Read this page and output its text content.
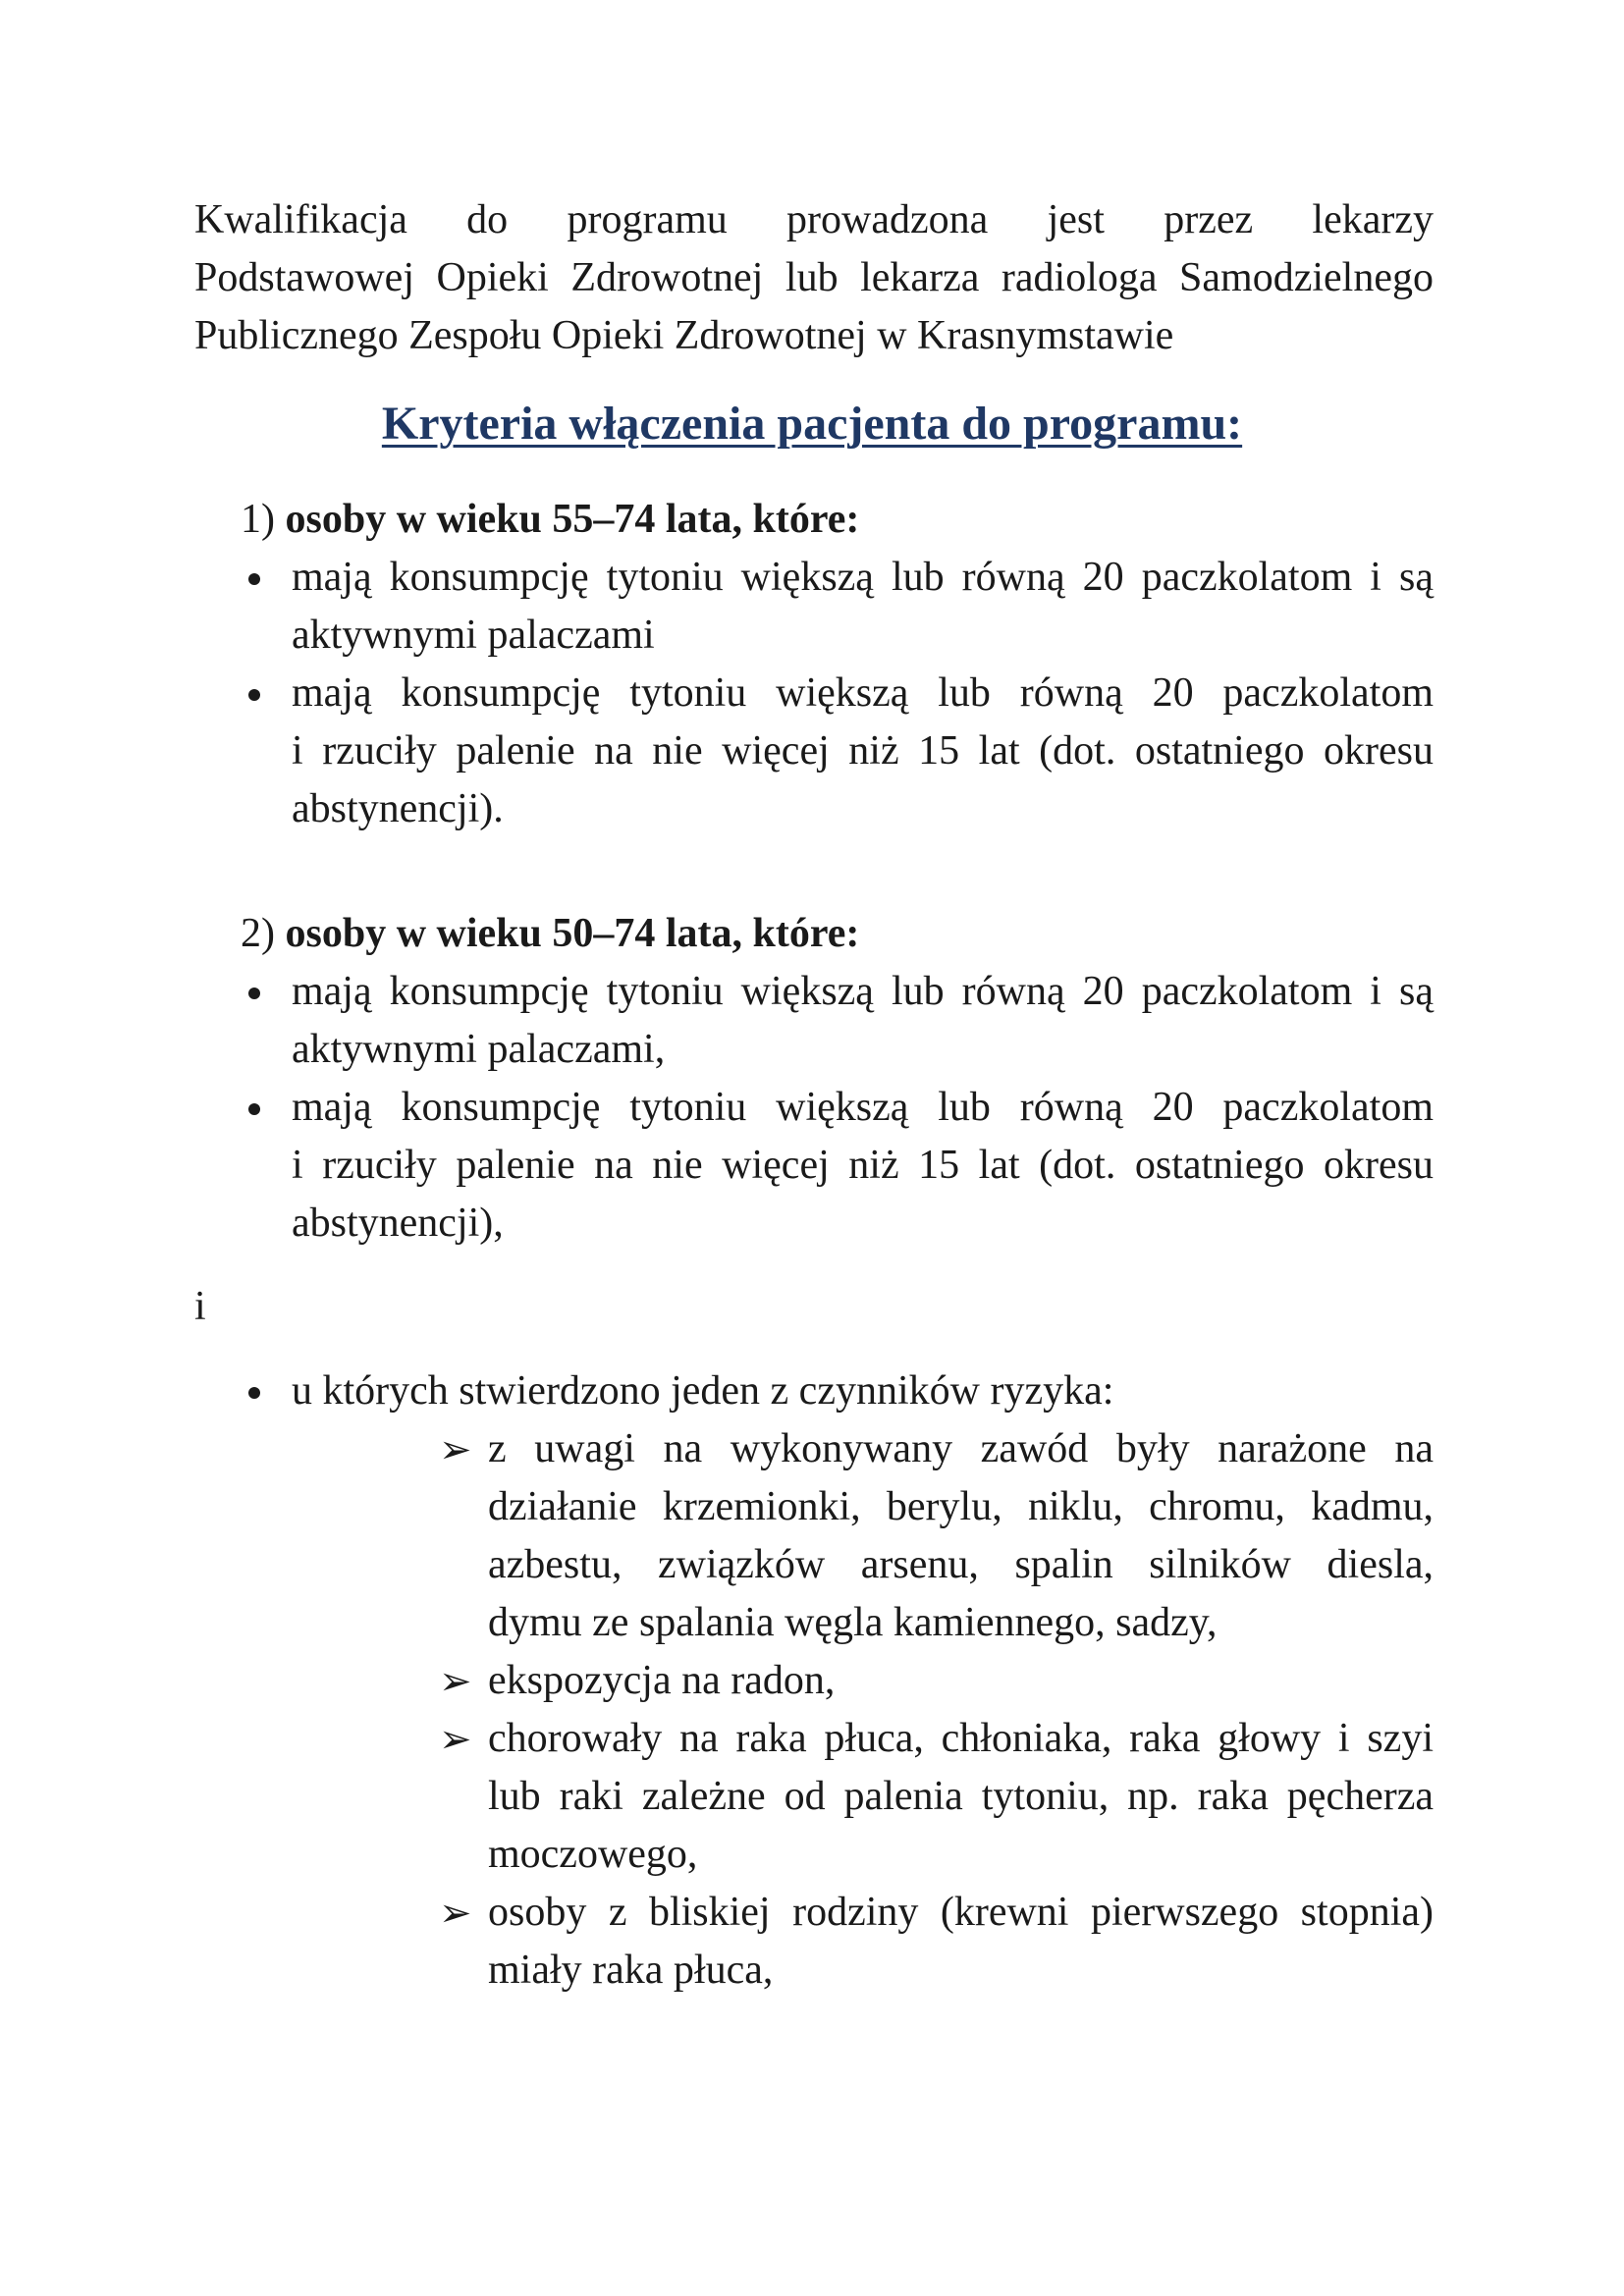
Kwalifikacja do programu prowadzona jest przez lekarzy
Podstawowej Opieki Zdrowotnej lub lekarza radiologa Samodzielnego
Publicznego Zespołu Opieki Zdrowotnej w Krasnymstawie
Kryteria włączenia pacjenta do programu:
1) osoby w wieku 55–74 lata, które:
mają konsumpcję tytoniu większą lub równą 20 paczkolatom i są
aktywnymi palaczami
mają konsumpcję tytoniu większą lub równą 20 paczkolatom
i rzuciły palenie na nie więcej niż 15 lat (dot. ostatniego okresu
abstynencji).
2) osoby w wieku 50–74 lata, które:
mają konsumpcję tytoniu większą lub równą 20 paczkolatom i są
aktywnymi palaczami,
mają konsumpcję tytoniu większą lub równą 20 paczkolatom
i rzuciły palenie na nie więcej niż 15 lat (dot. ostatniego okresu
abstynencji),
i
u których stwierdzono jeden z czynników ryzyka:
➢ z uwagi na wykonywany zawód były narażone na
działanie krzemionki, berylu, niklu, chromu, kadmu,
azbestu, związków arsenu, spalin silników diesla,
dymu ze spalania węgla kamiennego, sadzy,
➢ ekspozycja na radon,
➢ chorowały na raka płuca, chłoniaka, raka głowy i szyi
lub raki zależne od palenia tytoniu, np. raka pęcherza
moczowego,
➢ osoby z bliskiej rodziny (krewni pierwszego stopnia)
miały raka płuca,
